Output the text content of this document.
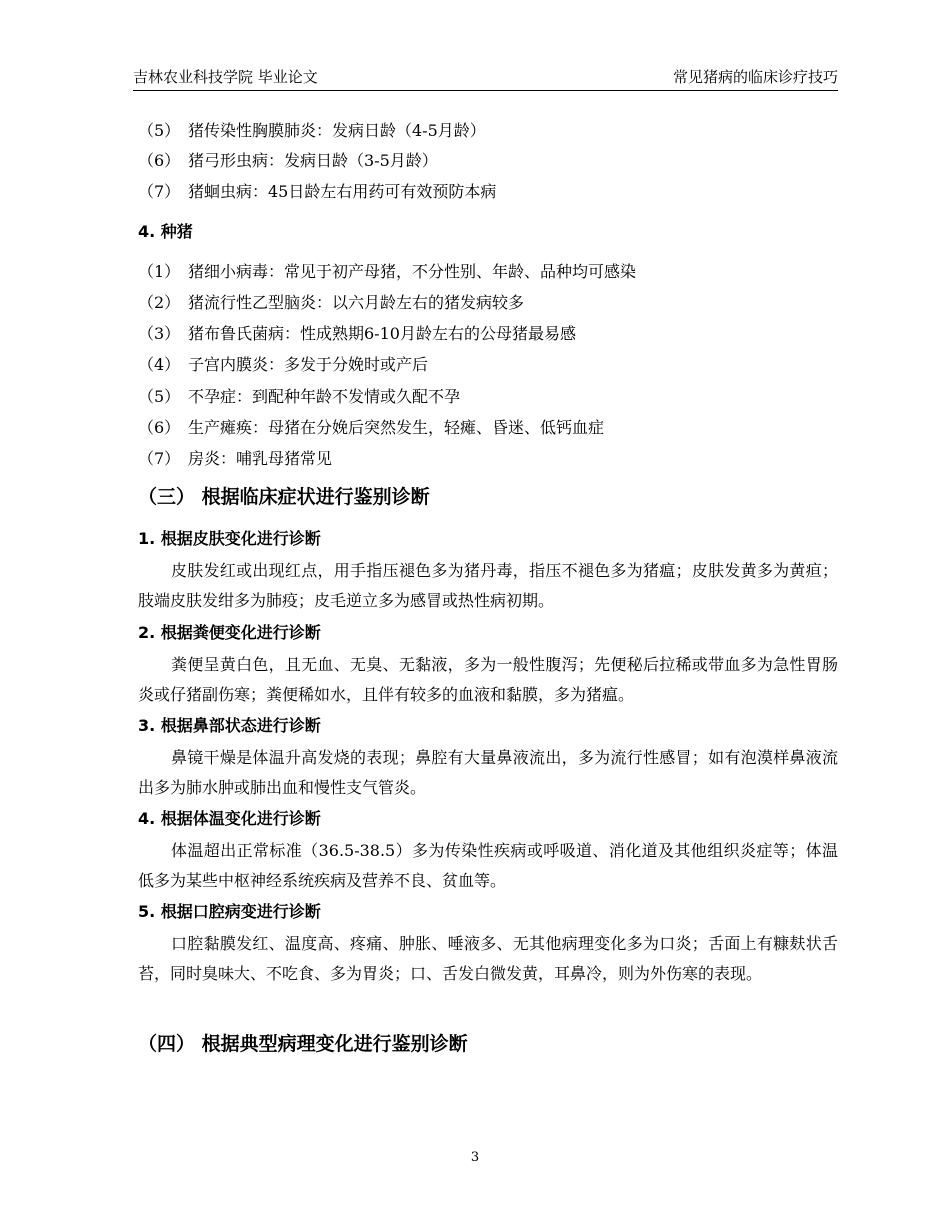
吉林农业科技学院 毕业论文	常见猪病的临床诊疗技巧
（5） 猪传染性胸膜肺炎：发病日龄（4-5月龄）
（6） 猪弓形虫病：发病日龄（3-5月龄）
（7） 猪蛔虫病：45日龄左右用药可有效预防本病
4. 种猪
（1） 猪细小病毒：常见于初产母猪，不分性别、年龄、品种均可感染
（2） 猪流行性乙型脑炎：以六月龄左右的猪发病较多
（3） 猪布鲁氏菌病：性成熟期6-10月龄左右的公母猪最易感
（4） 子宫内膜炎：多发于分娩时或产后
（5） 不孕症：到配种年龄不发情或久配不孕
（6） 生产瘫痪：母猪在分娩后突然发生，轻瘫、昏迷、低钙血症
（7） 房炎：哺乳母猪常见
（三） 根据临床症状进行鉴别诊断
1. 根据皮肤变化进行诊断
皮肤发红或出现红点，用手指压褪色多为猪丹毒，指压不褪色多为猪瘟；皮肤发黄多为黄疸；肢端皮肤发绀多为肺疫；皮毛逆立多为感冒或热性病初期。
2. 根据粪便变化进行诊断
粪便呈黄白色，且无血、无臭、无黏液，多为一般性腹泻；先便秘后拉稀或带血多为急性胃肠炎或仔猪副伤寒；粪便稀如水，且伴有较多的血液和黏膜，多为猪瘟。
3. 根据鼻部状态进行诊断
鼻镜干燥是体温升高发烧的表现；鼻腔有大量鼻液流出，多为流行性感冒；如有泡漠样鼻液流出多为肺水肿或肺出血和慢性支气管炎。
4. 根据体温变化进行诊断
体温超出正常标准（36.5-38.5）多为传染性疾病或呼吸道、消化道及其他组织炎症等；体温低多为某些中枢神经系统疾病及营养不良、贫血等。
5. 根据口腔病变进行诊断
口腔黏膜发红、温度高、疼痛、肿胀、唾液多、无其他病理变化多为口炎；舌面上有糠麸状舌苔，同时臭味大、不吃食、多为胃炎；口、舌发白微发黄，耳鼻冷，则为外伤寒的表现。
（四） 根据典型病理变化进行鉴别诊断
3
